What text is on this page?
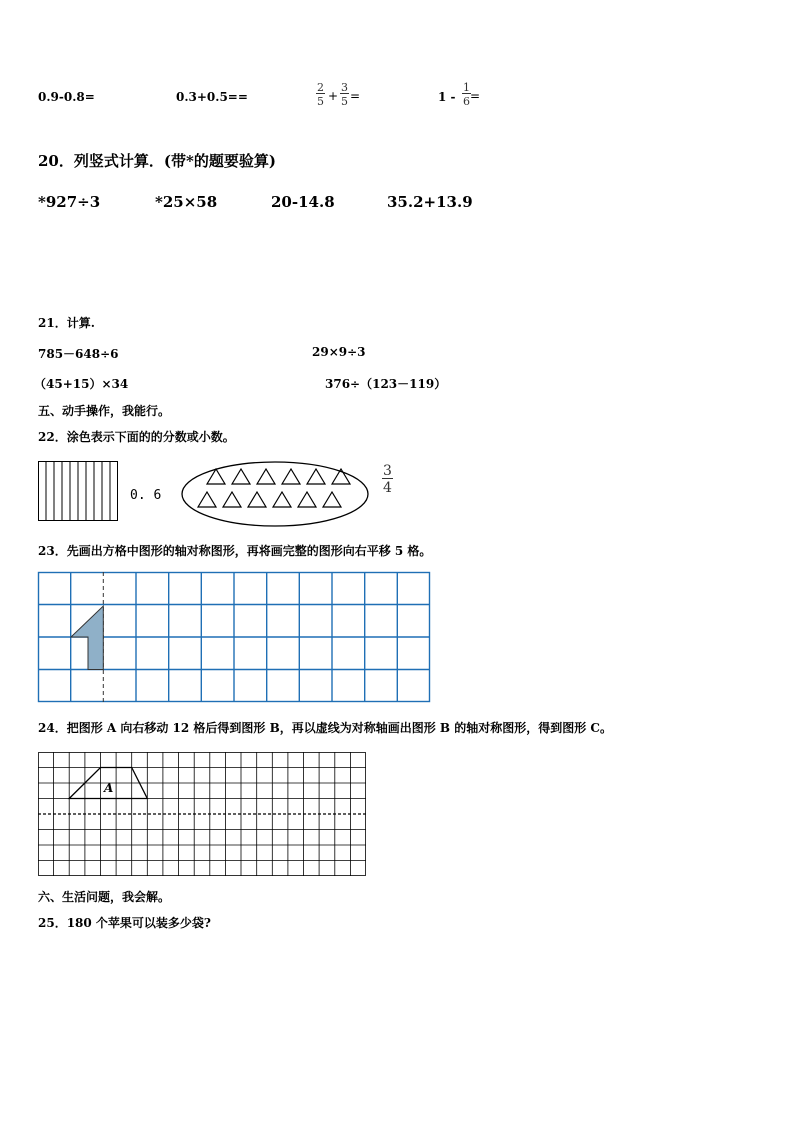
0.9-0.8=	0.3+0.5==	$\frac{2}{5} + \frac{3}{5}$ =	$1 - \frac{1}{6}$ =
20．列竖式计算．(带*的题要验算)
*927÷3	*25×58	20-14.8	35.2+13.9
21．计算.
785－648÷6	29×9÷3
（45+15）×34	376÷（123－119）
五、动手操作，我能行。
22．涂色表示下面的的分数或小数。
0. 6
$\frac{3}{4}$
23．先画出方格中图形的轴对称图形，再将画完整的图形向右平移 5 格。
24．把图形 A 向右移动 12 格后得到图形 B，再以虚线为对称轴画出图形 B 的轴对称图形，得到图形 C。
A
六、生活问题，我会解。
25．180 个苹果可以装多少袋?
